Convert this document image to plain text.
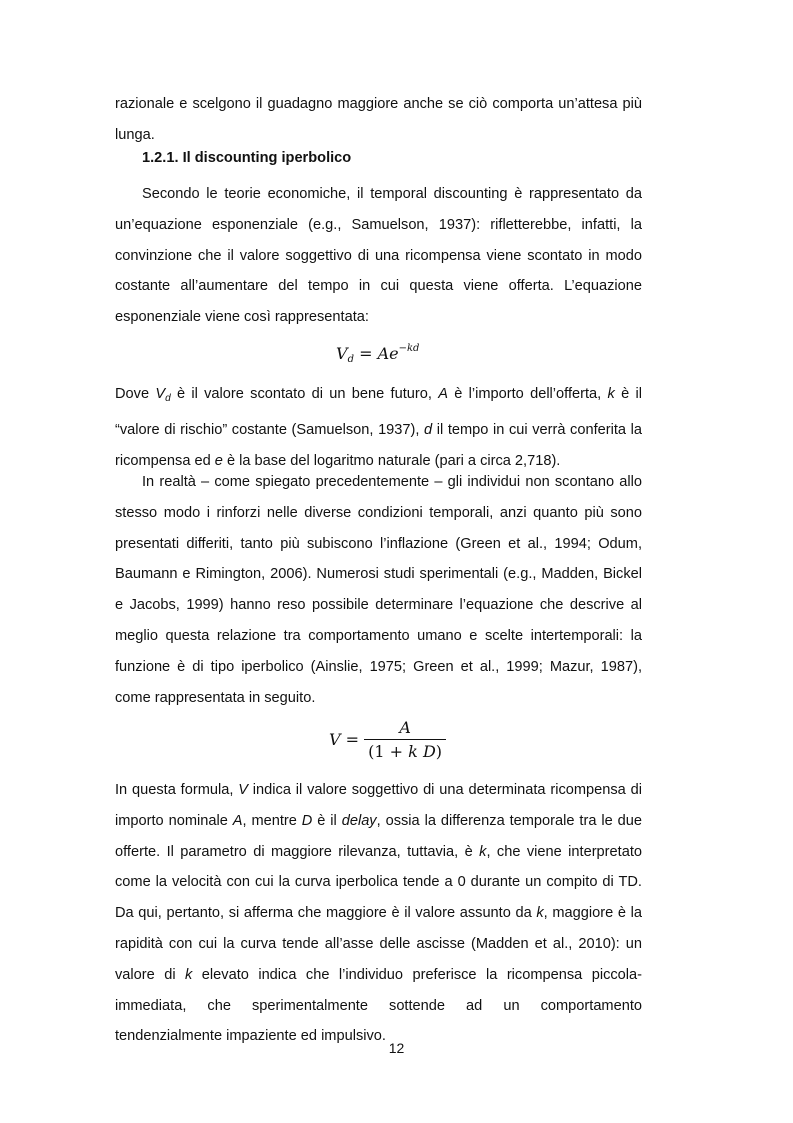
razionale e scelgono il guadagno maggiore anche se ciò comporta un’attesa più lunga.

1.2.1. Il discounting iperbolico

Secondo le teorie economiche, il temporal discounting è rappresentato da un’equazione esponenziale (e.g., Samuelson, 1937): rifletterebbe, infatti, la convinzione che il valore soggettivo di una ricompensa viene scontato in modo costante all’aumentare del tempo in cui questa viene offerta. L’equazione esponenziale viene così rappresentata:

$V_d = Ae^{-kd}$

Dove $V_d$ è il valore scontato di un bene futuro, A è l’importo dell’offerta, k è il “valore di rischio” costante (Samuelson, 1937), d il tempo in cui verrà conferita la ricompensa ed e è la base del logaritmo naturale (pari a circa 2,718).

In realtà – come spiegato precedentemente – gli individui non scontano allo stesso modo i rinforzi nelle diverse condizioni temporali, anzi quanto più sono presentati differiti, tanto più subiscono l’inflazione (Green et al., 1994; Odum, Baumann e Rimington, 2006). Numerosi studi sperimentali (e.g., Madden, Bickel e Jacobs, 1999) hanno reso possibile determinare l’equazione che descrive al meglio questa relazione tra comportamento umano e scelte intertemporali: la funzione è di tipo iperbolico (Ainslie, 1975; Green et al., 1999; Mazur, 1987), come rappresentata in seguito.

$V = \frac{A}{\text{(1 + k D)}}$

In questa formula, V indica il valore soggettivo di una determinata ricompensa di importo nominale A, mentre D è il delay, ossia la differenza temporale tra le due offerte. Il parametro di maggiore rilevanza, tuttavia, è k, che viene interpretato come la velocità con cui la curva iperbolica tende a 0 durante un compito di TD. Da qui, pertanto, si afferma che maggiore è il valore assunto da k, maggiore è la rapidità con cui la curva tende all’asse delle ascisse (Madden et al., 2010): un valore di k elevato indica che l’individuo preferisce la ricompensa piccola-immediata, che sperimentalmente sottende ad un comportamento tendenzialmente impaziente ed impulsivo.

12
